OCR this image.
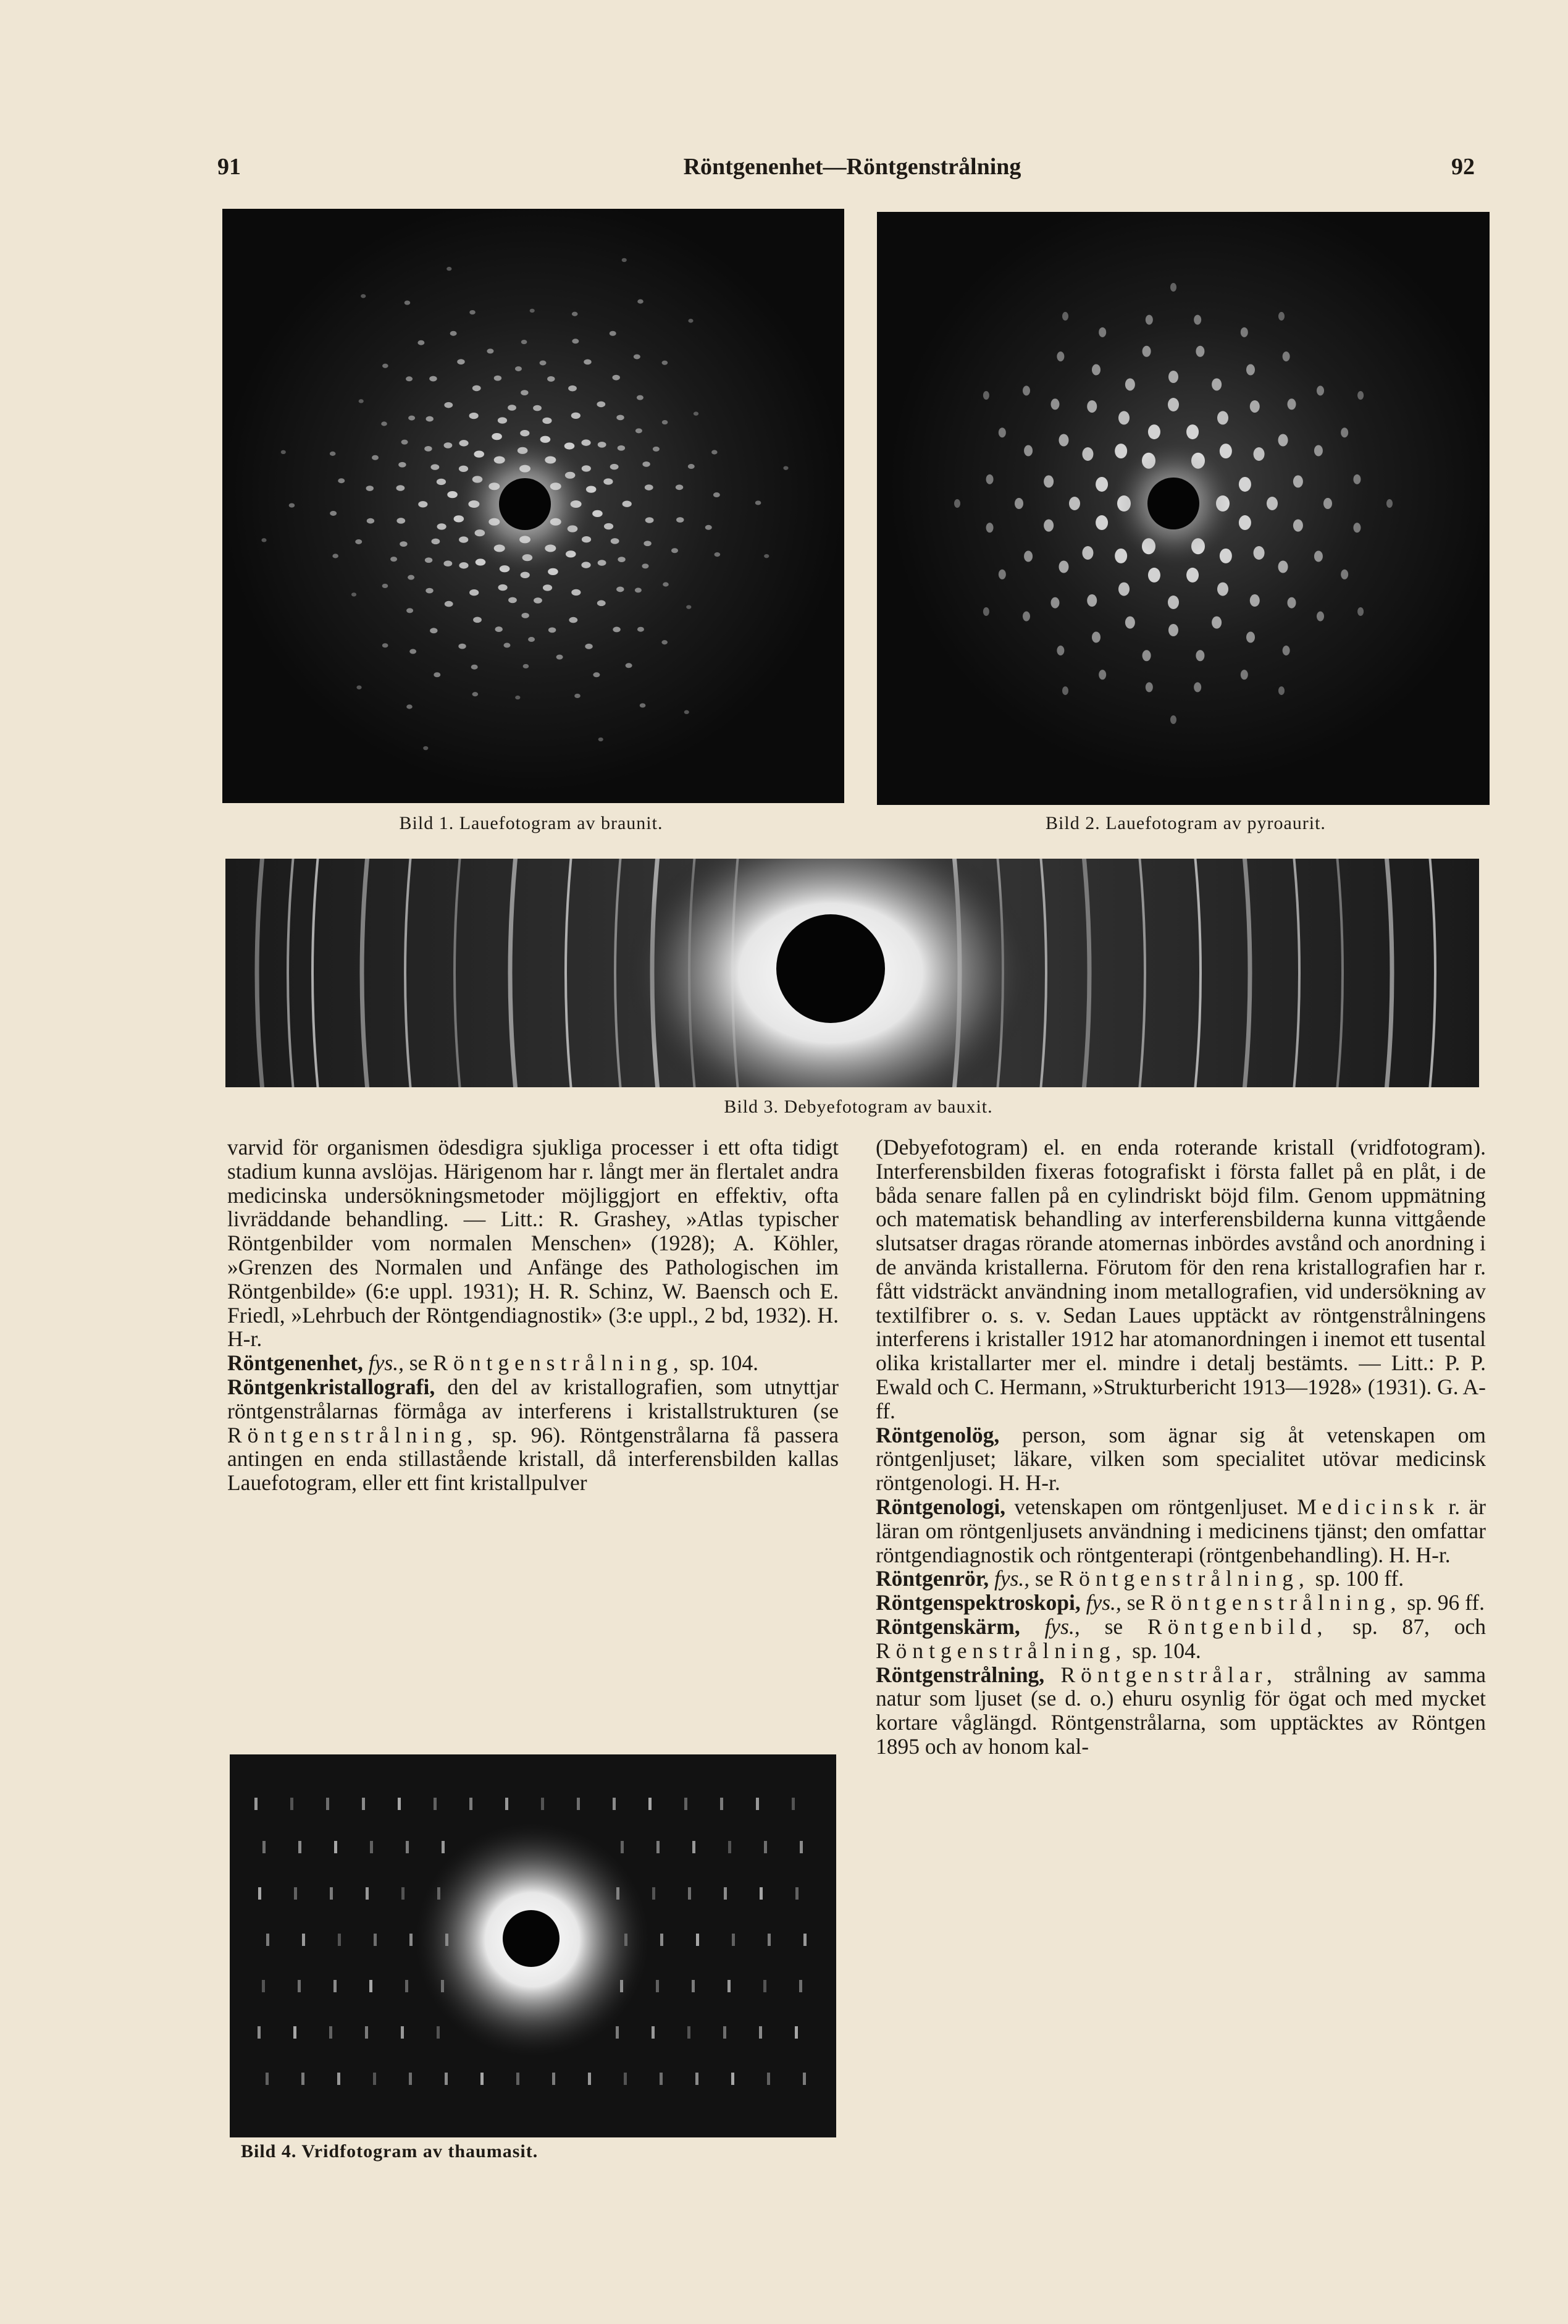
91	Röntgenenhet—Röntgenstrålning	92
Bild 1. Lauefotogram av braunit.	Bild 2. Lauefotogram av pyroaurit.
Bild 3. Debyefotogram av bauxit.

varvid för organismen ödesdigra sjukliga processer i ett ofta tidigt stadium kunna avslöjas. Härigenom har r. långt mer än flertalet andra medicinska undersökningsmetoder möjliggjort en effektiv, ofta livräddande behandling. — Litt.: R. Grashey, »Atlas typischer Röntgenbilder vom normalen Menschen» (1928); A. Köhler, »Grenzen des Normalen und Anfänge des Pathologischen im Röntgenbilde» (6:e uppl. 1931); H. R. Schinz, W. Baensch och E. Friedl, »Lehrbuch der Röntgendiagnostik» (3:e uppl., 2 bd, 1932). H. H-r.

Röntgenenhet, fys., se Röntgenstrålning, sp. 104.

Röntgenkristallografi, den del av kristallografien, som utnyttjar röntgenstrålarnas förmåga av interferens i kristallstrukturen (se Röntgenstrålning, sp. 96). Röntgenstrålarna få passera antingen en enda stillastående kristall, då interferensbilden kallas Lauefotogram, eller ett fint kristallpulver

Bild 4. Vridfotogram av thaumasit.

(Debyefotogram) el. en enda roterande kristall (vridfotogram). Interferensbilden fixeras fotografiskt i första fallet på en plåt, i de båda senare fallen på en cylindriskt böjd film. Genom uppmätning och matematisk behandling av interferensbilderna kunna vittgående slutsatser dragas rörande atomernas inbördes avstånd och anordning i de använda kristallerna. Förutom för den rena kristallografien har r. fått vidsträckt användning inom metallografien, vid undersökning av textilfibrer o. s. v. Sedan Laues upptäckt av röntgenstrålningens interferens i kristaller 1912 har atomanordningen i inemot ett tusental olika kristallarter mer el. mindre i detalj bestämts. — Litt.: P. P. Ewald och C. Hermann, »Strukturbericht 1913—1928» (1931). G. A-ff.

Röntgenolög, person, som ägnar sig åt vetenskapen om röntgenljuset; läkare, vilken som specialitet utövar medicinsk röntgenologi. H. H-r.

Röntgenologi, vetenskapen om röntgenljuset. Medicinsk r. är läran om röntgenljusets användning i medicinens tjänst; den omfattar röntgendiagnostik och röntgenterapi (röntgenbehandling). H. H-r.

Röntgenrör, fys., se Röntgenstrålning, sp. 100 ff.

Röntgenspektroskopi, fys., se Röntgenstrålning, sp. 96 ff.

Röntgenskärm, fys., se Röntgenbild, sp. 87, och Röntgenstrålning, sp. 104.

Röntgenstrålning, Röntgenstrålar, strålning av samma natur som ljuset (se d. o.) ehuru osynlig för ögat och med mycket kortare våglängd. Röntgenstrålarna, som upptäcktes av Röntgen 1895 och av honom kal-
